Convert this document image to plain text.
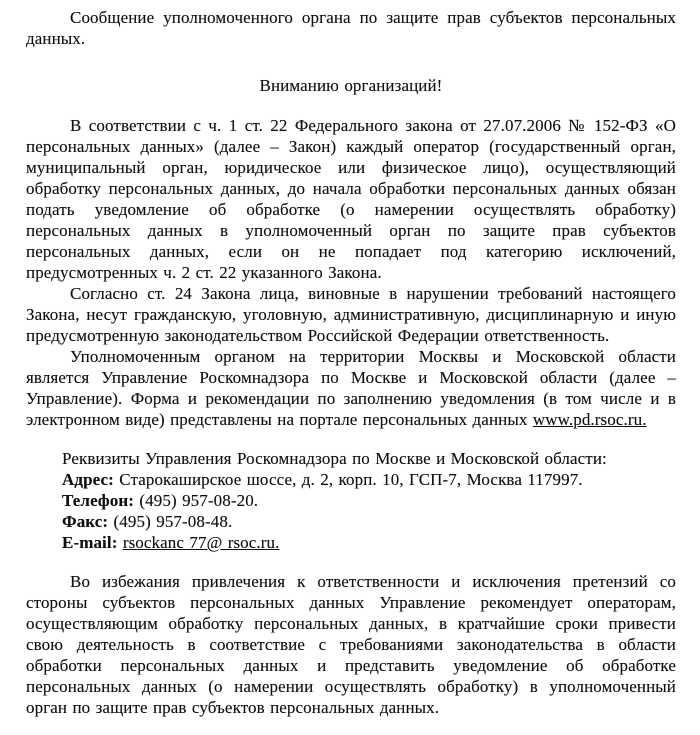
Сообщение уполномоченного органа по защите прав субъектов персональных данных.

Вниманию организаций!

В соответствии с ч. 1 ст. 22 Федерального закона от 27.07.2006 № 152-ФЗ «О персональных данных» (далее – Закон) каждый оператор (государственный орган, муниципальный орган, юридическое или физическое лицо), осуществляющий обработку персональных данных, до начала обработки персональных данных обязан подать уведомление об обработке (о намерении осуществлять обработку) персональных данных в уполномоченный орган по защите прав субъектов персональных данных, если он не попадает под категорию исключений, предусмотренных ч. 2 ст. 22 указанного Закона.

Согласно ст. 24 Закона лица, виновные в нарушении требований настоящего Закона, несут гражданскую, уголовную, административную, дисциплинарную и иную предусмотренную законодательством Российской Федерации ответственность.

Уполномоченным органом на территории Москвы и Московской области является Управление Роскомнадзора по Москве и Московской области (далее – Управление). Форма и рекомендации по заполнению уведомления (в том числе и в электронном виде) представлены на портале персональных данных www.pd.rsoc.ru.

Реквизиты Управления Роскомнадзора по Москве и Московской области:

Адрес: Старокаширское шоссе, д. 2, корп. 10, ГСП-7, Москва 117997.

Телефон: (495) 957-08-20.

Факс: (495) 957-08-48.

E-mail: rsockanc 77@ rsoc.ru.

Во избежания привлечения к ответственности и исключения претензий со стороны субъектов персональных данных Управление рекомендует операторам, осуществляющим обработку персональных данных, в кратчайшие сроки привести свою деятельность в соответствие с требованиями законодательства в области обработки персональных данных и представить уведомление об обработке персональных данных (о намерении осуществлять обработку) в уполномоченный орган по защите прав субъектов персональных данных.
